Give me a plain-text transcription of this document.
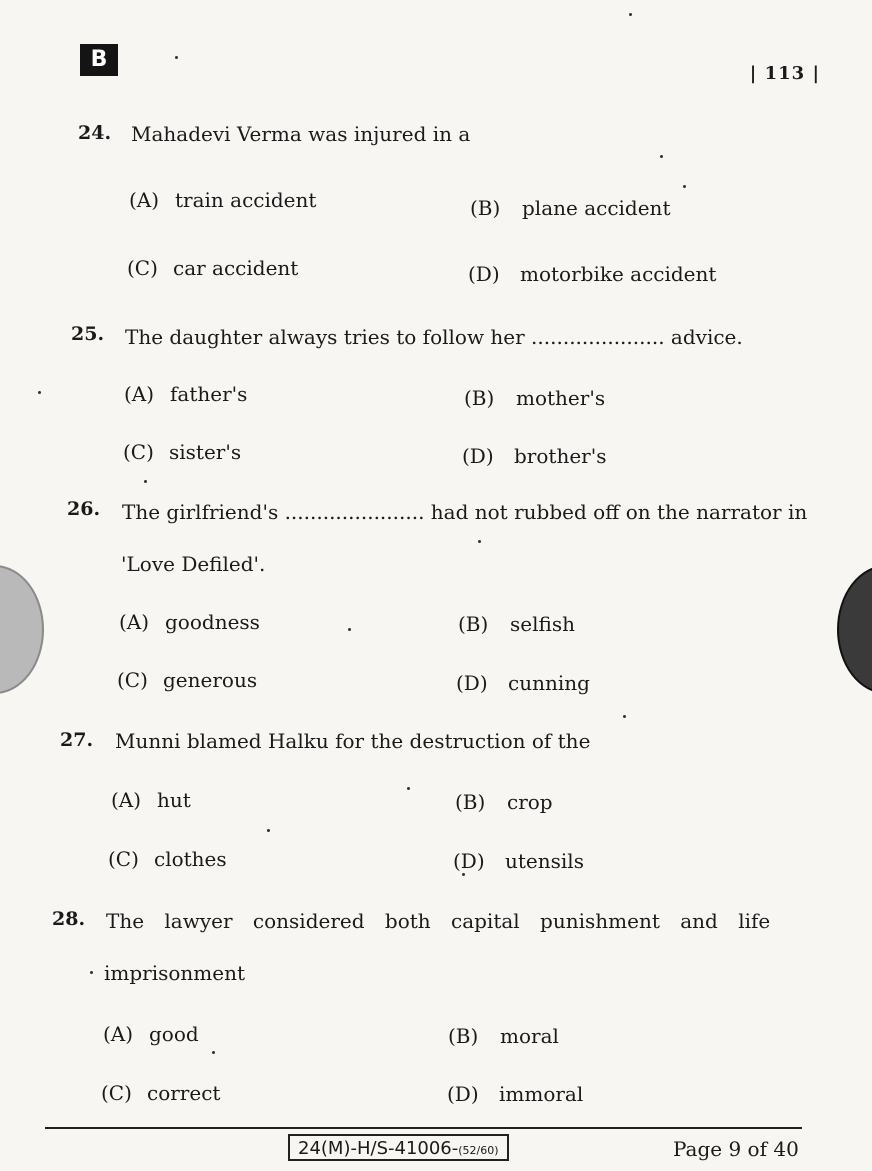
B
| 113 |
24. Mahadevi Verma was injured in a
(A) train accident	(B) plane accident
(C) car accident	(D) motorbike accident
25. The daughter always tries to follow her ..................... advice.
(A) father's	(B) mother's
(C) sister's	(D) brother's
26. The girlfriend's ...................... had not rubbed off on the narrator in
'Love Defiled'.
(A) goodness	(B) selfish
(C) generous	(D) cunning
27. Munni blamed Halku for the destruction of the
(A) hut	(B) crop
(C) clothes	(D) utensils
28. The lawyer considered both capital punishment and life
imprisonment
(A) good	(B) moral
(C) correct	(D) immoral
24(M)-H/S-41006-(52/60)	Page 9 of 40
